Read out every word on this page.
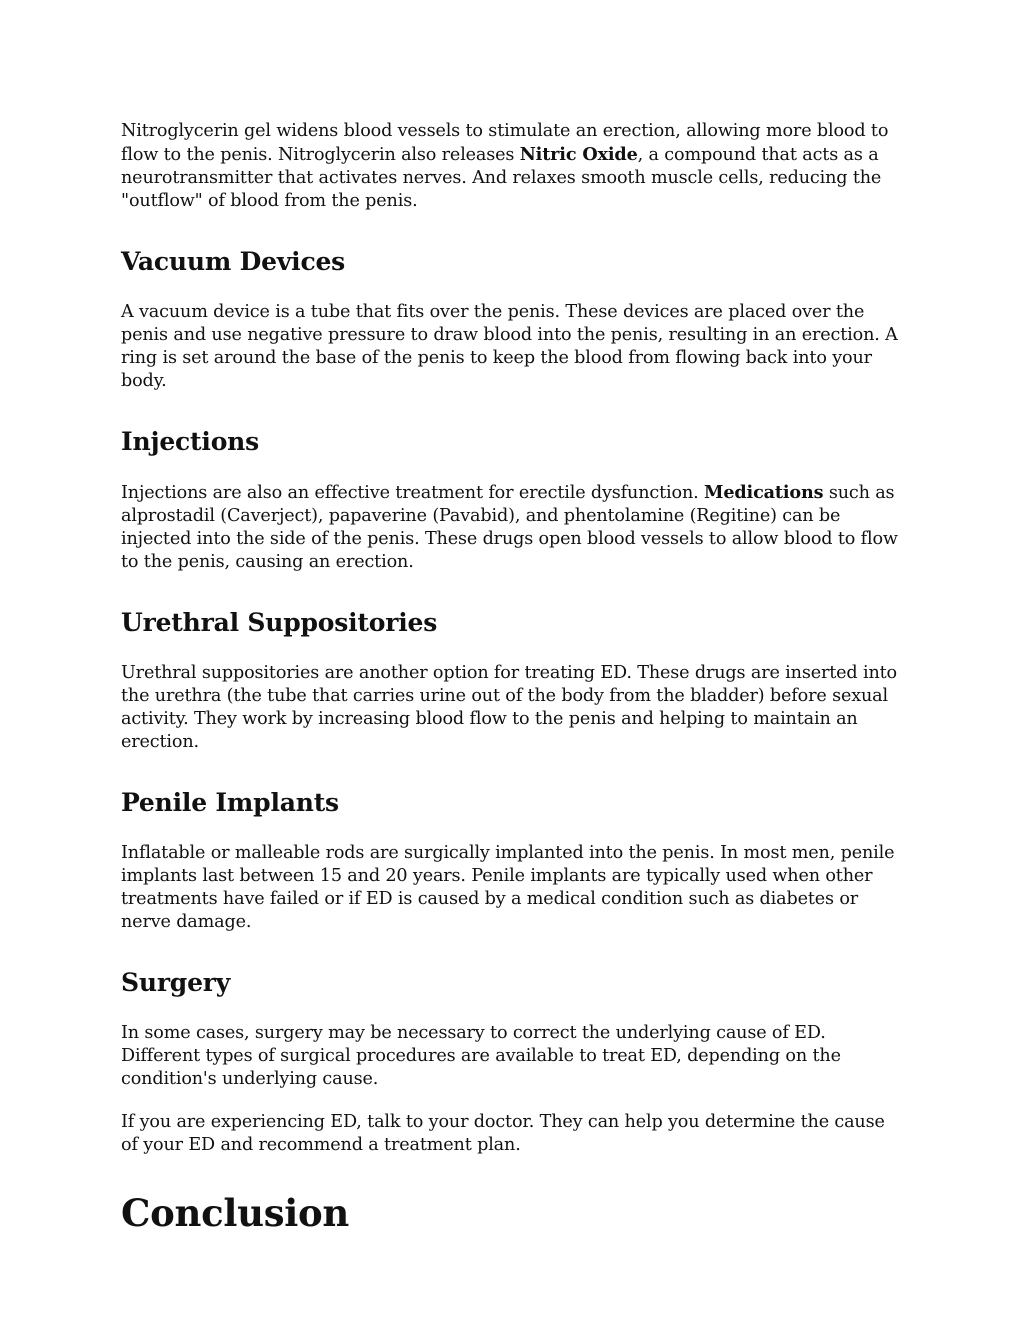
Nitroglycerin gel widens blood vessels to stimulate an erection, allowing more blood to flow to the penis. Nitroglycerin also releases Nitric Oxide, a compound that acts as a neurotransmitter that activates nerves. And relaxes smooth muscle cells, reducing the "outflow" of blood from the penis.

Vacuum Devices

A vacuum device is a tube that fits over the penis. These devices are placed over the penis and use negative pressure to draw blood into the penis, resulting in an erection. A ring is set around the base of the penis to keep the blood from flowing back into your body.

Injections

Injections are also an effective treatment for erectile dysfunction. Medications such as alprostadil (Caverject), papaverine (Pavabid), and phentolamine (Regitine) can be injected into the side of the penis. These drugs open blood vessels to allow blood to flow to the penis, causing an erection.

Urethral Suppositories

Urethral suppositories are another option for treating ED. These drugs are inserted into the urethra (the tube that carries urine out of the body from the bladder) before sexual activity. They work by increasing blood flow to the penis and helping to maintain an erection.

Penile Implants

Inflatable or malleable rods are surgically implanted into the penis. In most men, penile implants last between 15 and 20 years. Penile implants are typically used when other treatments have failed or if ED is caused by a medical condition such as diabetes or nerve damage.

Surgery

In some cases, surgery may be necessary to correct the underlying cause of ED. Different types of surgical procedures are available to treat ED, depending on the condition's underlying cause.

If you are experiencing ED, talk to your doctor. They can help you determine the cause of your ED and recommend a treatment plan.

Conclusion
